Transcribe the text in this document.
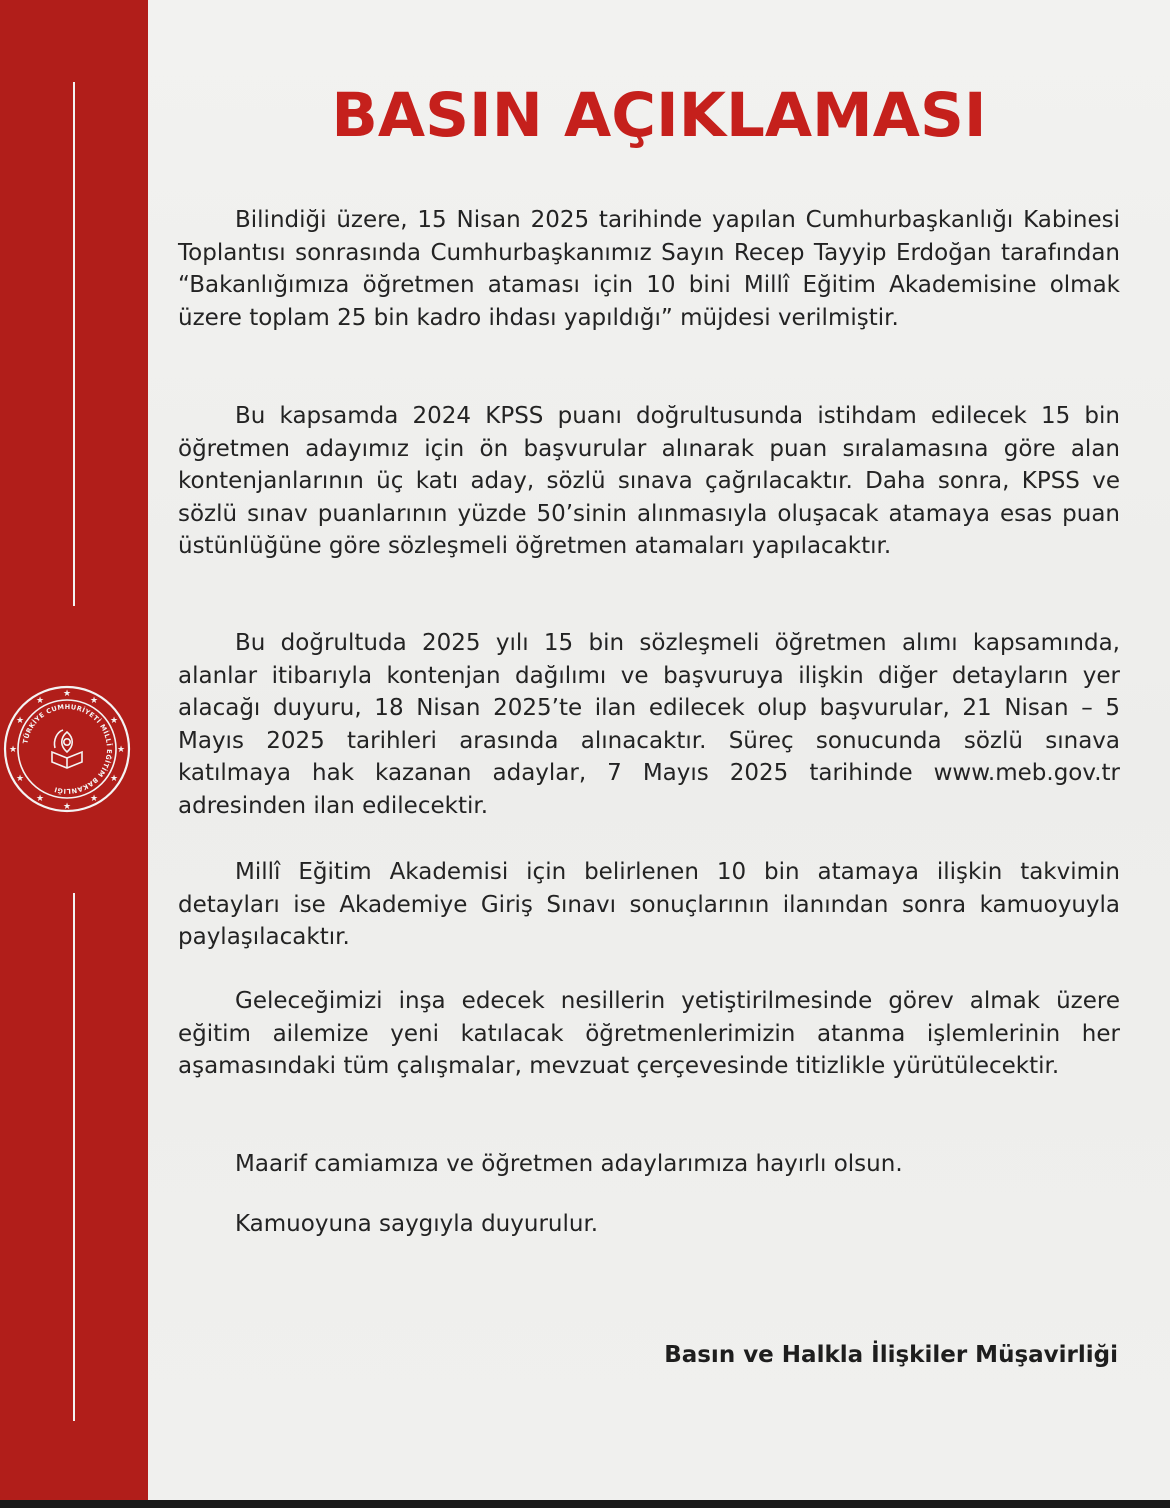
★
★
★
★
★
★
★
★
★
★
★
★
TÜRKİYE CUMHURİYETİ MİLLÎ EĞİTİM BAKANLIĞI
BASIN AÇIKLAMASI

Bilindiği üzere, 15 Nisan 2025 tarihinde yapılan Cumhurbaşkanlığı Kabinesi Toplantısı sonrasında Cumhurbaşkanımız Sayın Recep Tayyip Erdoğan tarafından “Bakanlığımıza öğretmen ataması için 10 bini Millî Eğitim Akademisine olmak üzere toplam 25 bin kadro ihdası yapıldığı” müjdesi verilmiştir.

Bu kapsamda 2024 KPSS puanı doğrultusunda istihdam edilecek 15 bin öğretmen adayımız için ön başvurular alınarak puan sıralamasına göre alan kontenjanlarının üç katı aday, sözlü sınava çağrılacaktır. Daha sonra, KPSS ve sözlü sınav puanlarının yüzde 50’sinin alınmasıyla oluşacak atamaya esas puan üstünlüğüne göre sözleşmeli öğretmen atamaları yapılacaktır.

Bu doğrultuda 2025 yılı 15 bin sözleşmeli öğretmen alımı kapsamında, alanlar itibarıyla kontenjan dağılımı ve başvuruya ilişkin diğer detayların yer alacağı duyuru, 18 Nisan 2025’te ilan edilecek olup başvurular, 21 Nisan – 5 Mayıs 2025 tarihleri arasında alınacaktır. Süreç sonucunda sözlü sınava katılmaya hak kazanan adaylar, 7 Mayıs 2025 tarihinde www.meb.gov.tr adresinden ilan edilecektir.

Millî Eğitim Akademisi için belirlenen 10 bin atamaya ilişkin takvimin detayları ise Akademiye Giriş Sınavı sonuçlarının ilanından sonra kamuoyuyla paylaşılacaktır.

Geleceğimizi inşa edecek nesillerin yetiştirilmesinde görev almak üzere eğitim ailemize yeni katılacak öğretmenlerimizin atanma işlemlerinin her aşamasındaki tüm çalışmalar, mevzuat çerçevesinde titizlikle yürütülecektir.

Maarif camiamıza ve öğretmen adaylarımıza hayırlı olsun.

Kamuoyuna saygıyla duyurulur.

Basın ve Halkla İlişkiler Müşavirliği
